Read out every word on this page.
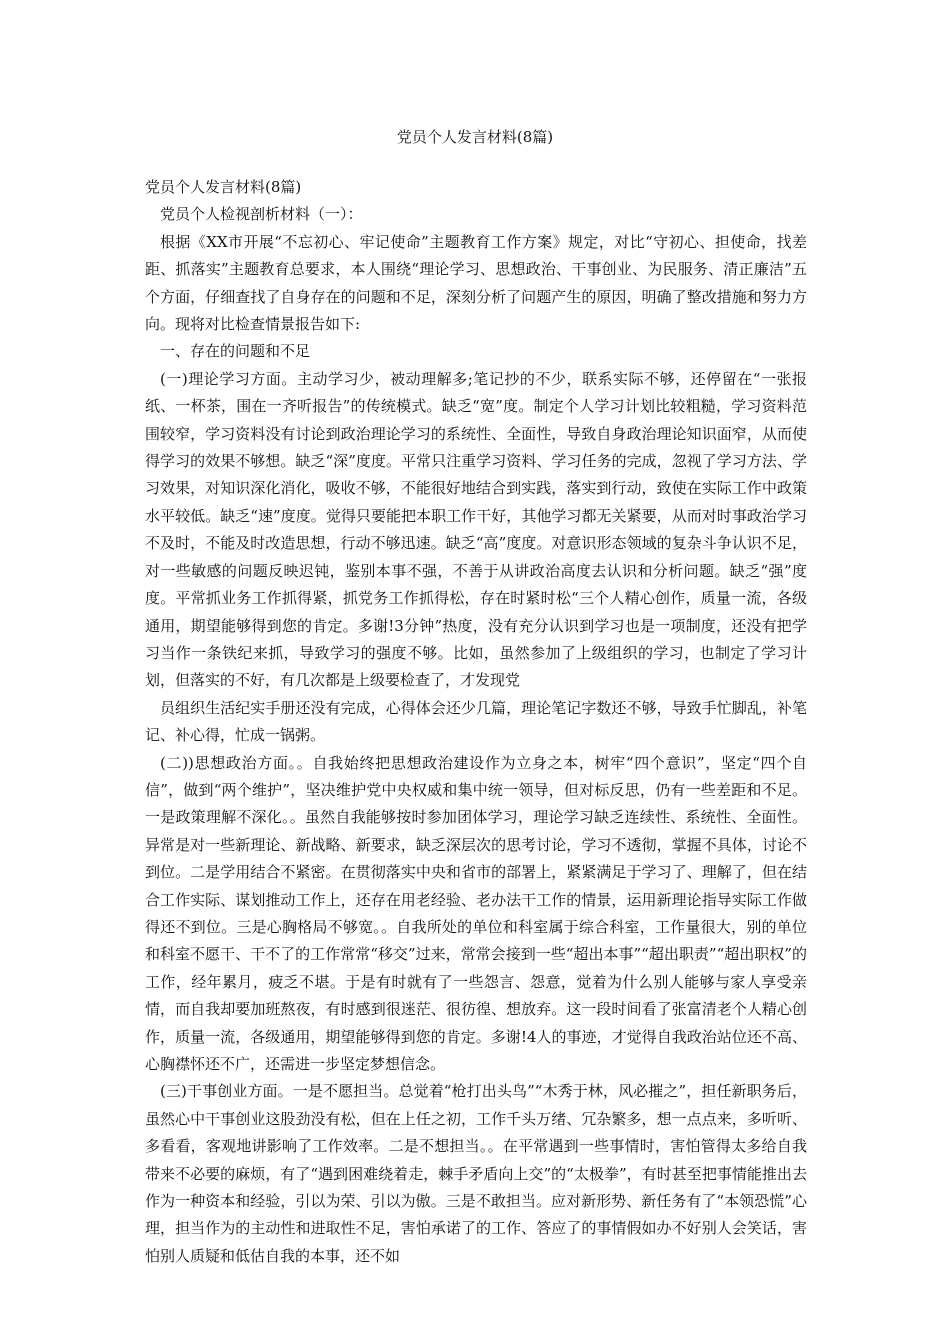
党员个人发言材料(8篇)

党员个人发言材料(8篇)

党员个人检视剖析材料（一）：

根据《XX市开展“不忘初心、牢记使命”主题教育工作方案》规定，对比“守初心、担使命，找差距、抓落实”主题教育总要求，本人围绕“理论学习、思想政治、干事创业、为民服务、清正廉洁”五个方面，仔细查找了自身存在的问题和不足，深刻分析了问题产生的原因，明确了整改措施和努力方向。现将对比检查情景报告如下:

一、存在的问题和不足

(一)理论学习方面。主动学习少，被动理解多;笔记抄的不少，联系实际不够，还停留在“一张报纸、一杯茶，围在一齐听报告”的传统模式。缺乏“宽”度。制定个人学习计划比较粗糙，学习资料范围较窄，学习资料没有讨论到政治理论学习的系统性、全面性，导致自身政治理论知识面窄，从而使得学习的效果不够想。缺乏“深”度度。平常只注重学习资料、学习任务的完成，忽视了学习方法、学习效果，对知识深化消化，吸收不够，不能很好地结合到实践，落实到行动，致使在实际工作中政策水平较低。缺乏“速”度度。觉得只要能把本职工作干好，其他学习都无关紧要，从而对时事政治学习不及时，不能及时改造思想，行动不够迅速。缺乏“高”度度。对意识形态领域的复杂斗争认识不足，对一些敏感的问题反映迟钝，鉴别本事不强，不善于从讲政治高度去认识和分析问题。缺乏“强”度度。平常抓业务工作抓得紧，抓党务工作抓得松，存在时紧时松“三个人精心创作，质量一流，各级通用，期望能够得到您的肯定。多谢!3分钟”热度，没有充分认识到学习也是一项制度，还没有把学习当作一条铁纪来抓，导致学习的强度不够。比如，虽然参加了上级组织的学习，也制定了学习计划，但落实的不好，有几次都是上级要检查了，才发现党

员组织生活纪实手册还没有完成，心得体会还少几篇，理论笔记字数还不够，导致手忙脚乱，补笔记、补心得，忙成一锅粥。

(二))思想政治方面。。自我始终把思想政治建设作为立身之本，树牢“四个意识”，坚定“四个自信”，做到“两个维护”，坚决维护党中央权威和集中统一领导，但对标反思，仍有一些差距和不足。一是政策理解不深化。。虽然自我能够按时参加团体学习，理论学习缺乏连续性、系统性、全面性。异常是对一些新理论、新战略、新要求，缺乏深层次的思考讨论，学习不透彻，掌握不具体，讨论不到位。二是学用结合不紧密。在贯彻落实中央和省市的部署上，紧紧满足于学习了、理解了，但在结合工作实际、谋划推动工作上，还存在用老经验、老办法干工作的情景，运用新理论指导实际工作做得还不到位。三是心胸格局不够宽。。自我所处的单位和科室属于综合科室，工作量很大，别的单位和科室不愿干、干不了的工作常常“移交”过来，常常会接到一些“超出本事”“超出职责”“超出职权”的工作，经年累月，疲乏不堪。于是有时就有了一些怨言、怨意，觉着为什么别人能够与家人享受亲情，而自我却要加班熬夜，有时感到很迷茫、很彷徨、想放弃。这一段时间看了张富清老个人精心创作，质量一流，各级通用，期望能够得到您的肯定。多谢!4人的事迹，才觉得自我政治站位还不高、心胸襟怀还不广，还需进一步坚定梦想信念。

(三)干事创业方面。一是不愿担当。总觉着“枪打出头鸟”“木秀于林，风必摧之”，担任新职务后，虽然心中干事创业这股劲没有松，但在上任之初，工作千头万绪、冗杂繁多，想一点点来，多听听、多看看，客观地讲影响了工作效率。二是不想担当。。在平常遇到一些事情时，害怕管得太多给自我带来不必要的麻烦，有了“遇到困难绕着走，棘手矛盾向上交”的“太极拳”，有时甚至把事情能推出去作为一种资本和经验，引以为荣、引以为傲。三是不敢担当。应对新形势、新任务有了“本领恐慌”心理，担当作为的主动性和进取性不足，害怕承诺了的工作、答应了的事情假如办不好别人会笑话，害怕别人质疑和低估自我的本事，还不如
